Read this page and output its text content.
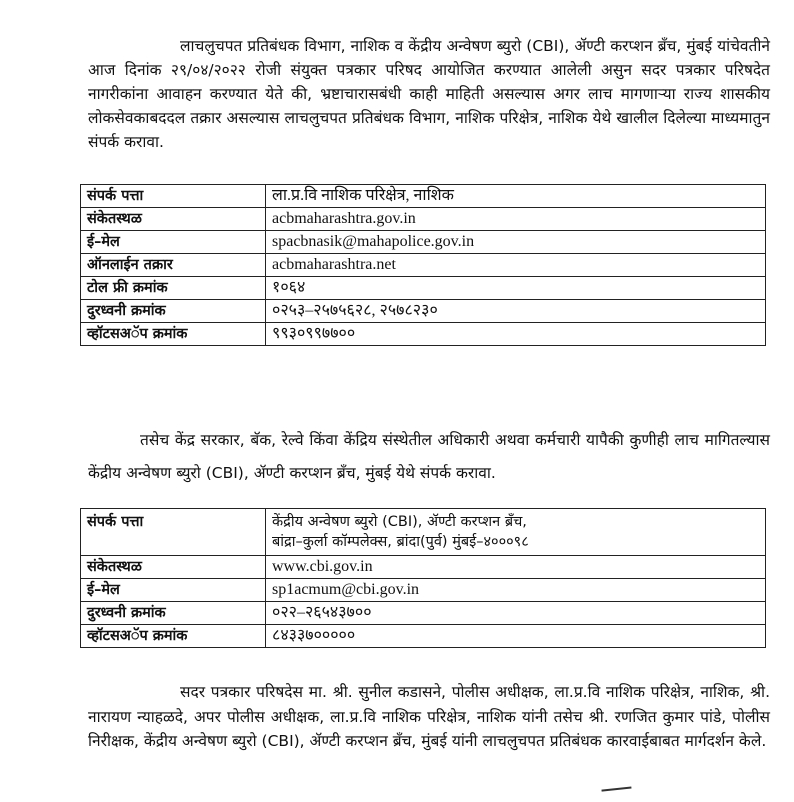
लाचलुचपत प्रतिबंधक विभाग, नाशिक व केंद्रीय अन्वेषण ब्युरो (CBI), ॲण्टी करप्शन ब्रँच, मुंबई यांचेवतीने आज दिनांक २९/०४/२०२२ रोजी संयुक्त पत्रकार परिषद आयोजित करण्यात आलेली असुन सदर पत्रकार परिषदेत नागरीकांना आवाहन करण्यात येते की, भ्रष्टाचारासबंधी काही माहिती असल्यास अगर लाच मागणाऱ्या राज्य शासकीय लोकसेवकाबददल तक्रार असल्यास लाचलुचपत प्रतिबंधक विभाग, नाशिक परिक्षेत्र, नाशिक येथे खालील दिलेल्या माध्यमातुन संपर्क करावा.

संपर्क पत्ता	ला.प्र.वि नाशिक परिक्षेत्र, नाशिक
संकेतस्थळ	acbmaharashtra.gov.in
ई–मेल	spacbnasik@mahapolice.gov.in
ऑनलाईन तक्रार	acbmaharashtra.net
टोल फ्री क्रमांक	१०६४
दुरध्वनी क्रमांक	०२५३–२५७५६२८, २५७८२३०
व्हॉटसअॅप क्रमांक	९९३०९९७७००

तसेच केंद्र सरकार, बॅक, रेल्वे किंवा केंद्रिय संस्थेतील अधिकारी अथवा कर्मचारी यापैकी कुणीही लाच मागितल्यास केंद्रीय अन्वेषण ब्युरो (CBI), ॲण्टी करप्शन ब्रँच, मुंबई येथे संपर्क करावा.

संपर्क पत्ता	केंद्रीय अन्वेषण ब्युरो (CBI), ॲण्टी करप्शन ब्रँच,
बांद्रा–कुर्ला कॉम्पलेक्स, ब्रांदा(पुर्व) मुंबई–४०००९८

संकेतस्थळ	www.cbi.gov.in
ई–मेल	sp1acmum@cbi.gov.in
दुरध्वनी क्रमांक	०२२–२६५४३७००
व्हॉटसअॅप क्रमांक	८४३३७०००००

सदर पत्रकार परिषदेस मा. श्री. सुनील कडासने, पोलीस अधीक्षक, ला.प्र.वि नाशिक परिक्षेत्र, नाशिक, श्री. नारायण न्याहळदे, अपर पोलीस अधीक्षक, ला.प्र.वि नाशिक परिक्षेत्र, नाशिक यांनी तसेच श्री. रणजित कुमार पांडे, पोलीस निरीक्षक, केंद्रीय अन्वेषण ब्युरो (CBI), ॲण्टी करप्शन ब्रँच, मुंबई यांनी लाचलुचपत प्रतिबंधक कारवाईबाबत मार्गदर्शन केले.
